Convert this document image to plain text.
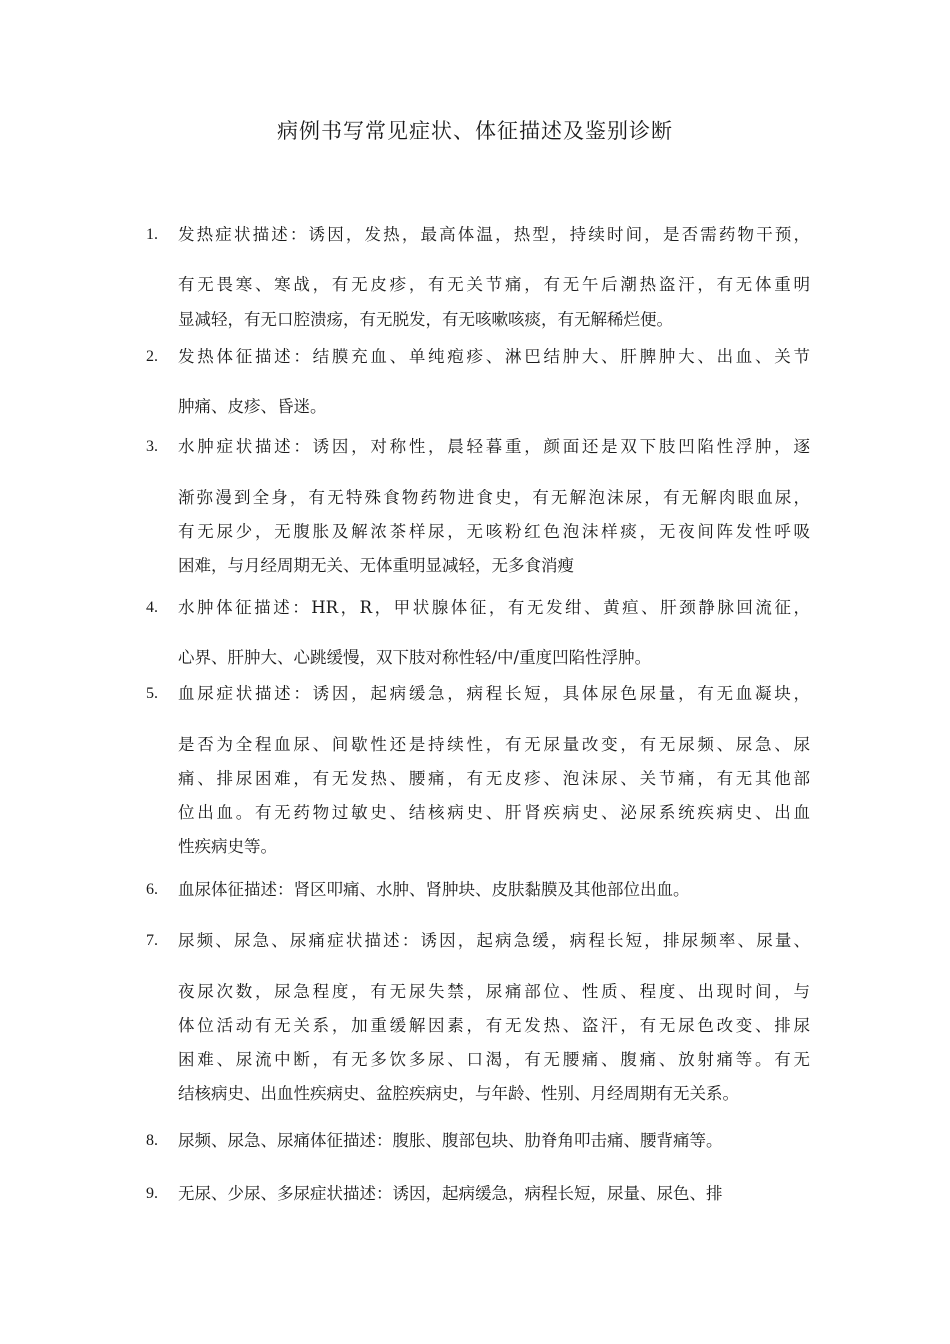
病例书写常见症状、体征描述及鉴别诊断
1.	发热症状描述：诱因，发热，最高体温，热型，持续时间，是否需药物干预，
有无畏寒、寒战，有无皮疹，有无关节痛，有无午后潮热盗汗，有无体重明
显减轻，有无口腔溃疡，有无脱发，有无咳嗽咳痰，有无解稀烂便。
2.	发热体征描述：结膜充血、单纯疱疹、淋巴结肿大、肝脾肿大、出血、关节
肿痛、皮疹、昏迷。
3.	水肿症状描述：诱因，对称性，晨轻暮重，颜面还是双下肢凹陷性浮肿，逐
渐弥漫到全身，有无特殊食物药物进食史，有无解泡沫尿，有无解肉眼血尿，
有无尿少，无腹胀及解浓茶样尿，无咳粉红色泡沫样痰，无夜间阵发性呼吸
困难，与月经周期无关、无体重明显减轻，无多食消瘦
4.	水肿体征描述：HR，R，甲状腺体征，有无发绀、黄疸、肝颈静脉回流征，
心界、肝肿大、心跳缓慢，双下肢对称性轻/中/重度凹陷性浮肿。
5.	血尿症状描述：诱因，起病缓急，病程长短，具体尿色尿量，有无血凝块，
是否为全程血尿、间歇性还是持续性，有无尿量改变，有无尿频、尿急、尿
痛、排尿困难，有无发热、腰痛，有无皮疹、泡沫尿、关节痛，有无其他部
位出血。有无药物过敏史、结核病史、肝肾疾病史、泌尿系统疾病史、出血
性疾病史等。
6.	血尿体征描述：肾区叩痛、水肿、肾肿块、皮肤黏膜及其他部位出血。
7.	尿频、尿急、尿痛症状描述：诱因，起病急缓，病程长短，排尿频率、尿量、
夜尿次数，尿急程度，有无尿失禁，尿痛部位、性质、程度、出现时间，与
体位活动有无关系，加重缓解因素，有无发热、盗汗，有无尿色改变、排尿
困难、尿流中断，有无多饮多尿、口渴，有无腰痛、腹痛、放射痛等。有无
结核病史、出血性疾病史、盆腔疾病史，与年龄、性别、月经周期有无关系。
8.	尿频、尿急、尿痛体征描述：腹胀、腹部包块、肋脊角叩击痛、腰背痛等。
9.	无尿、少尿、多尿症状描述：诱因，起病缓急，病程长短，尿量、尿色、排
